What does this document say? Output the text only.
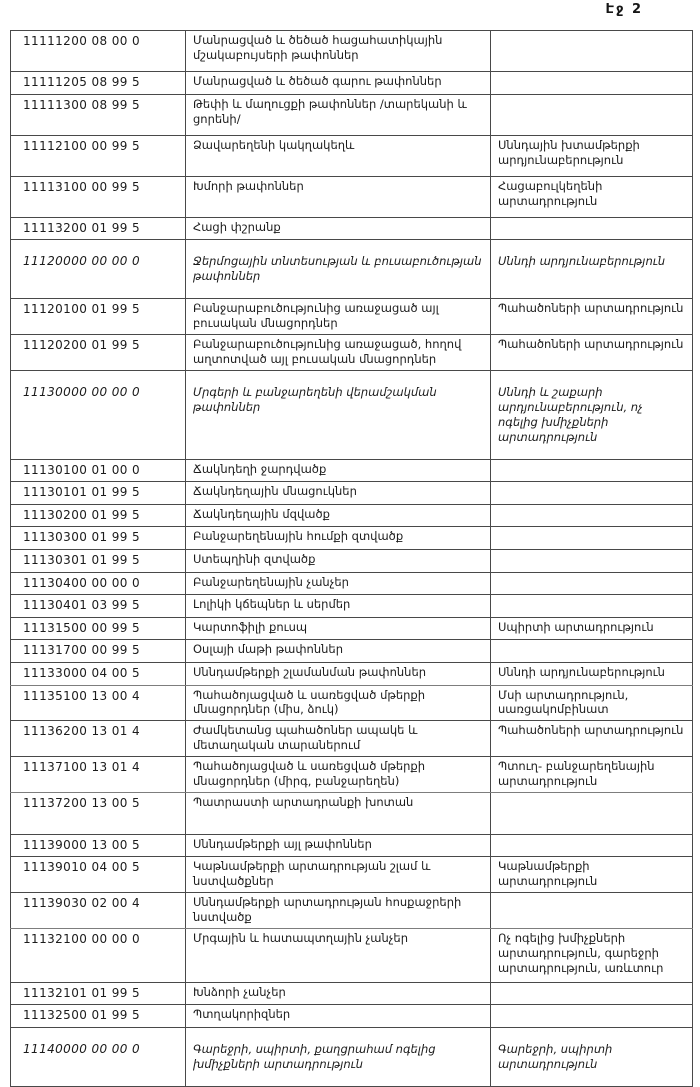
Էջ 2
11111200 08 00 0	Մանրացված և ծեծած հացահատիկային մշակաբույսերի թափոններ	
11111205 08 99 5	Մանրացված և ծեծած գարու թափոններ	
11111300 08 99 5	Թեփի և մաղուցքի թափոններ /տարեկանի և ցորենի/	
11112100 00 99 5	Ձավարեղենի կակղակեղև	Սննդային խտամթերքի արդյունաբերություն
11113100 00 99 5	Խմորի թափոններ	Հացաբուլկեղենի արտադրություն
11113200 01 99 5	Հացի փշրանք	
11120000 00 00 0	Ջերմոցային տնտեսության և բուսաբուծության թափոններ	Սննդի արդյունաբերություն
11120100 01 99 5	Բանջարաբուծությունից առաջացած այլ բուսական մնացորդներ	Պահածոների արտադրություն
11120200 01 99 5	Բանջարաբուծությունից առաջացած, հողով աղտոտված այլ բուսական մնացորդներ	Պահածոների արտադրություն
11130000 00 00 0	Մրգերի և բանջարեղենի վերամշակման թափոններ	Սննդի և շաքարի արդյունաբերություն, ոչ ոգելից խմիչքների արտադրություն
11130100 01 00 0	Ճակնդեղի ջարդվածք	
11130101 01 99 5	Ճակնդեղային մնացուկներ	
11130200 01 99 5	Ճակնդեղային մզվածք	
11130300 01 99 5	Բանջարեղենային հումքի զտվածք	
11130301 01 99 5	Ստեպղինի զտվածք	
11130400 00 00 0	Բանջարեղենային չանչեր	
11130401 03 99 5	Լոլիկի կճեպներ և սերմեր	
11131500 00 99 5	Կարտոֆիլի քուսպ	Սպիրտի արտադրություն
11131700 00 99 5	Օսլայի մաթի թափոններ	
11133000 04 00 5	Սննդամթերքի շլամանման թափոններ	Սննդի արդյունաբերություն
11135100 13 00 4	Պահածոյացված և սառեցված մթերքի մնացորդներ (միս, ձուկ)	Մսի արտադրություն, սառցակոմբինատ
11136200 13 01 4	Ժամկետանց պահածոներ ապակե և մետաղական տարաներում	Պահածոների արտադրություն
11137100 13 01 4	Պահածոյացված և սառեցված մթերքի մնացորդներ (միրգ, բանջարեղեն)	Պտուղ- բանջարեղենային արտադրություն
11137200 13 00 5	Պատրաստի արտադրանքի խոտան	
11139000 13 00 5	Սննդամթերքի այլ թափոններ	
11139010 04 00 5	Կաթնամթերքի արտադրության շլամ և նստվածքներ	Կաթնամթերքի արտադրություն
11139030 02 00 4	Սննդամթերքի արտադրության հոսքաջրերի նստվածք	
11132100 00 00 0	Մրգային և հատապտղային չանչեր	Ոչ ոգելից խմիչքների արտադրություն, գարեջրի արտադրություն, առևտուր
11132101 01 99 5	Խնձորի չանչեր	
11132500 01 99 5	Պտղակորիզներ	
11140000 00 00 0	Գարեջրի, սպիրտի, քաղցրահամ ոգելից խմիչքների արտադրություն	Գարեջրի, սպիրտի արտադրություն
